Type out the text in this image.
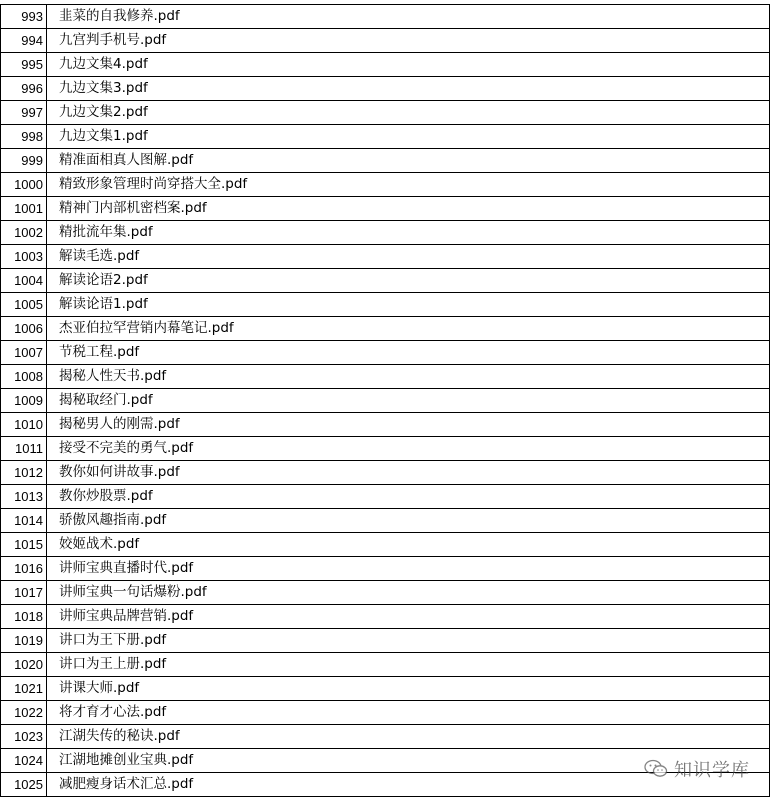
993	韭菜的自我修养.pdf
994	九宫判手机号.pdf
995	九边文集4.pdf
996	九边文集3.pdf
997	九边文集2.pdf
998	九边文集1.pdf
999	精准面相真人图解.pdf
1000	精致形象管理时尚穿搭大全.pdf
1001	精神门内部机密档案.pdf
1002	精批流年集.pdf
1003	解读毛选.pdf
1004	解读论语2.pdf
1005	解读论语1.pdf
1006	杰亚伯拉罕营销内幕笔记.pdf
1007	节税工程.pdf
1008	揭秘人性天书.pdf
1009	揭秘取经门.pdf
1010	揭秘男人的刚需.pdf
1011	接受不完美的勇气.pdf
1012	教你如何讲故事.pdf
1013	教你炒股票.pdf
1014	骄傲风趣指南.pdf
1015	姣姬战术.pdf
1016	讲师宝典直播时代.pdf
1017	讲师宝典一句话爆粉.pdf
1018	讲师宝典品牌营销.pdf
1019	讲口为王下册.pdf
1020	讲口为王上册.pdf
1021	讲课大师.pdf
1022	将才育才心法.pdf
1023	江湖失传的秘诀.pdf
1024	江湖地摊创业宝典.pdf
1025	减肥瘦身话术汇总.pdf
知识学库
